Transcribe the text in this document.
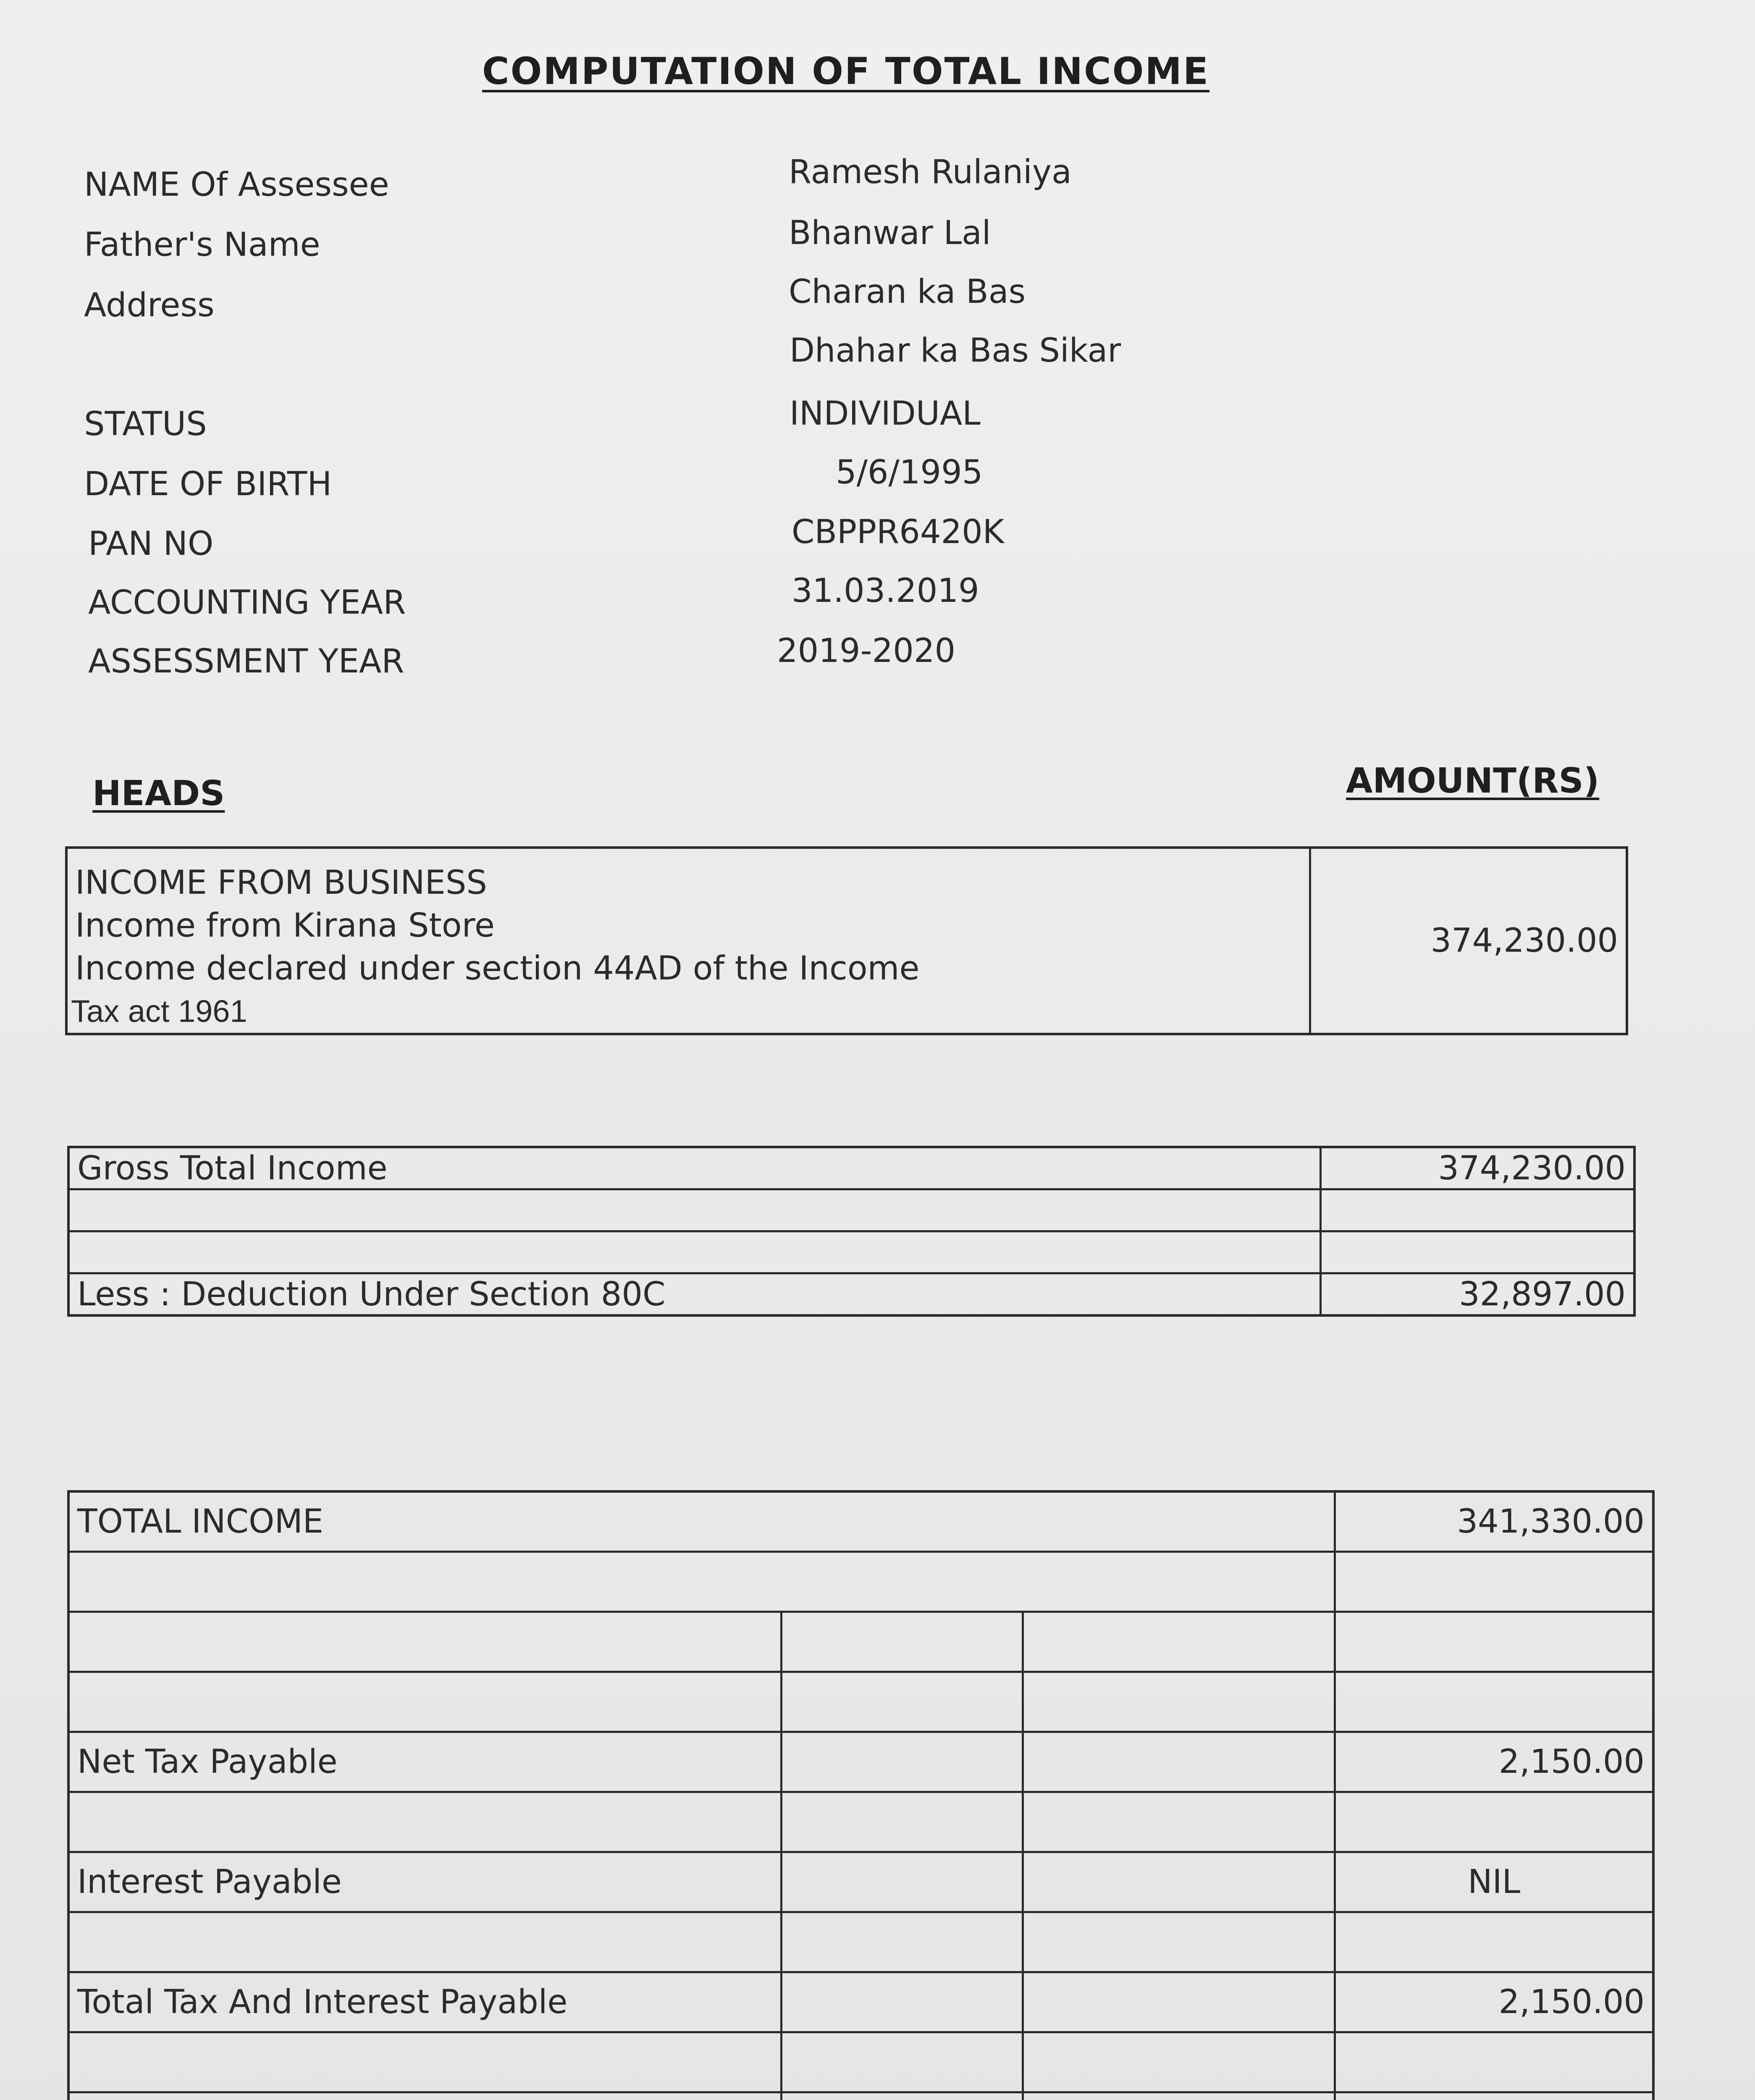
COMPUTATION OF TOTAL INCOME
NAME Of Assessee	Ramesh Rulaniya
Father's Name	Bhanwar Lal
Address	Charan ka Bas
Dhahar ka Bas Sikar
STATUS	INDIVIDUAL
DATE OF BIRTH	5/6/1995
PAN NO	CBPPR6420K
ACCOUNTING YEAR	31.03.2019
ASSESSMENT YEAR	2019-2020
HEADS	AMOUNT(RS)
INCOME FROM BUSINESS
Income from Kirana Store
Income declared under section 44AD of the Income
Tax act 1961
	374,230.00
Gross Total Income	374,230.00

Less : Deduction Under Section 80C	32,897.00
TOTAL INCOME			341,330.00

Net Tax Payable			2,150.00

Interest Payable			NIL

Total Tax And Interest Payable			2,150.00
